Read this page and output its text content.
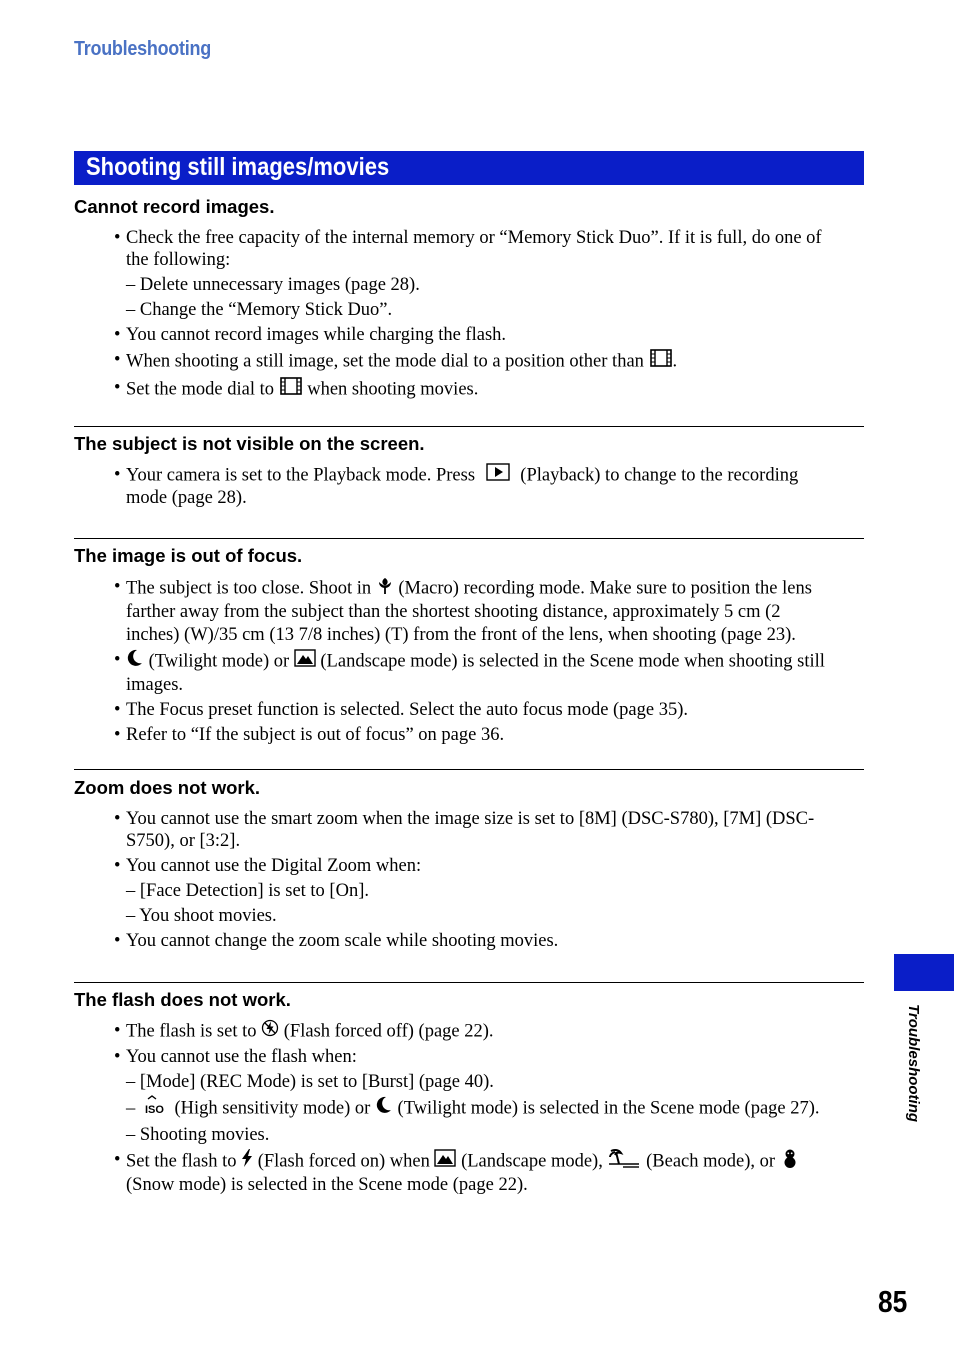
Troubleshooting
Shooting still images/movies
Cannot record images.
• Check the free capacity of the internal memory or “Memory Stick Duo”. If it is full, do one of
the following:
– Delete unnecessary images (page 28).
– Change the “Memory Stick Duo”.
• You cannot record images while charging the flash.
• When shooting a still image, set the mode dial to a position other than .
• Set the mode dial to when shooting movies.
The subject is not visible on the screen.
• Your camera is set to the Playback mode. Press (Playback) to change to the recording
mode (page 28).
The image is out of focus.
• The subject is too close. Shoot in (Macro) recording mode. Make sure to position the lens
farther away from the subject than the shortest shooting distance, approximately 5 cm (2
inches) (W)/35 cm (13 7/8 inches) (T) from the front of the lens, when shooting (page 23).
• (Twilight mode) or (Landscape mode) is selected in the Scene mode when shooting still
images.
• The Focus preset function is selected. Select the auto focus mode (page 35).
• Refer to “If the subject is out of focus” on page 36.
Zoom does not work.
• You cannot use the smart zoom when the image size is set to [8M] (DSC-S780), [7M] (DSC-
S750), or [3:2].
• You cannot use the Digital Zoom when:
– [Face Detection] is set to [On].
– You shoot movies.
• You cannot change the zoom scale while shooting movies.
The flash does not work.
• The flash is set to (Flash forced off) (page 22).
• You cannot use the flash when:
– [Mode] (REC Mode) is set to [Burst] (page 40).
– ISO (High sensitivity mode) or (Twilight mode) is selected in the Scene mode (page 27).
– Shooting movies.
• Set the flash to (Flash forced on) when (Landscape mode), (Beach mode), or
(Snow mode) is selected in the Scene mode (page 22).
Troubleshooting
85
